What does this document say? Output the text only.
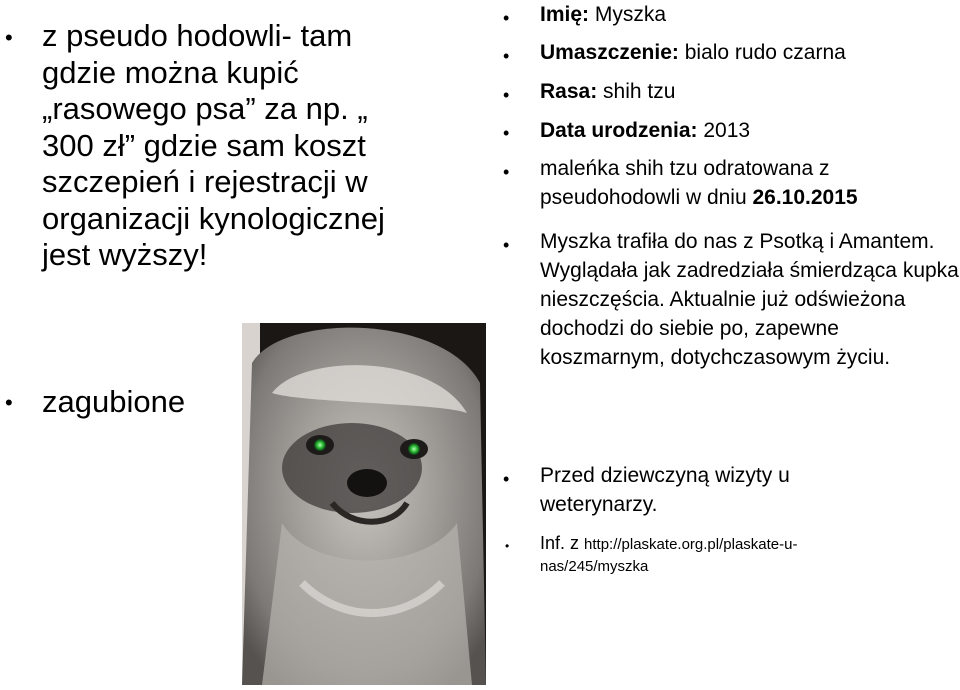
• z pseudo hodowli- tam gdzie można kupić „rasowego psa” za np. „ 300 zł” gdzie sam koszt szczepień i rejestracji w organizacji kynologicznej jest wyższy!

• zagubione

• Imię: Myszka

• Umaszczenie: bialo rudo czarna

• Rasa: shih tzu

• Data urodzenia: 2013

• maleńka shih tzu odratowana z pseudohodowli w dniu 26.10.2015

• Myszka trafiła do nas z Psotką i Amantem. Wyglądała jak zadredziała śmierdząca kupka nieszczęścia. Aktualnie już odświeżona dochodzi do siebie po, zapewne koszmarnym, dotychczasowym życiu.

• Przed dziewczyną wizyty u weterynarzy.

• Inf. z http://plaskate.org.pl/plaskate-u-nas/245/myszka
